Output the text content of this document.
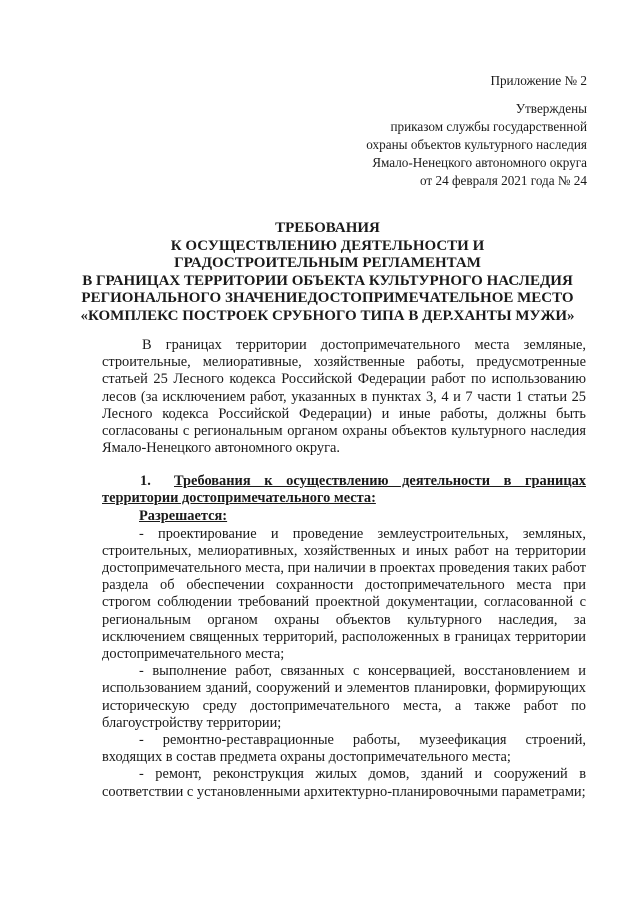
Приложение № 2
Утверждены
приказом службы государственной
охраны объектов культурного наследия
Ямало-Ненецкого автономного округа
от 24 февраля 2021 года № 24
ТРЕБОВАНИЯ
К ОСУЩЕСТВЛЕНИЮ ДЕЯТЕЛЬНОСТИ И
ГРАДОСТРОИТЕЛЬНЫМ РЕГЛАМЕНТАМ
В ГРАНИЦАХ ТЕРРИТОРИИ ОБЪЕКТА КУЛЬТУРНОГО НАСЛЕДИЯ
РЕГИОНАЛЬНОГО ЗНАЧЕНИЕДОСТОПРИМЕЧАТЕЛЬНОЕ МЕСТО
«КОМПЛЕКС ПОСТРОЕК СРУБНОГО ТИПА В ДЕР.ХАНТЫ МУЖИ»

В границах территории достопримечательного места земляные, строительные, мелиоративные, хозяйственные работы, предусмотренные статьей 25 Лесного кодекса Российской Федерации работ по использованию лесов (за исключением работ, указанных в пунктах 3, 4 и 7 части 1 статьи 25 Лесного кодекса Российской Федерации) и иные работы, должны быть согласованы с региональным органом охраны объектов культурного наследия Ямало-Ненецкого автономного округа.

1. Требования к осуществлению деятельности в границах территории достопримечательного места:

Разрешается:

- проектирование и проведение землеустроительных, земляных, строительных, мелиоративных, хозяйственных и иных работ на территории достопримечательного места, при наличии в проектах проведения таких работ раздела об обеспечении сохранности достопримечательного места при строгом соблюдении требований проектной документации, согласованной с региональным органом охраны объектов культурного наследия, за исключением священных территорий, расположенных в границах территории достопримечательного места;

- выполнение работ, связанных с консервацией, восстановлением и использованием зданий, сооружений и элементов планировки, формирующих историческую среду достопримечательного места, а также работ по благоустройству территории;

- ремонтно-реставрационные работы, музеефикация строений, входящих в состав предмета охраны достопримечательного места;

- ремонт, реконструкция жилых домов, зданий и сооружений в соответствии с установленными архитектурно-планировочными параметрами;
